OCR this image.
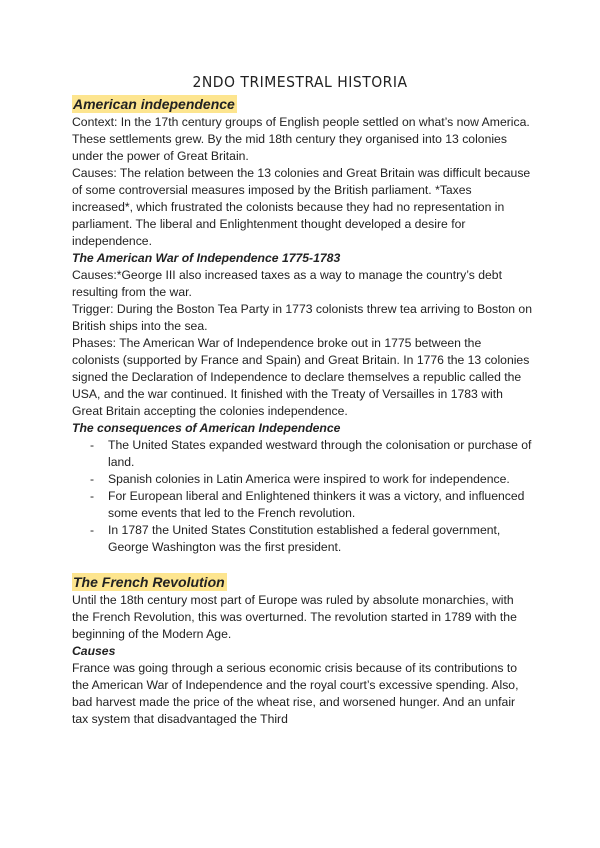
2NDO TRIMESTRAL HISTORIA
American independence

Context: In the 17th century groups of English people settled on what’s now America. These settlements grew. By the mid 18th century they organised into 13 colonies under the power of Great Britain.

Causes: The relation between the 13 colonies and Great Britain was difficult because of some controversial measures imposed by the British parliament. *Taxes increased*, which frustrated the colonists because they had no representation in parliament. The liberal and Enlightenment thought developed a desire for independence.

The American War of Independence 1775-1783

Causes:*George III also increased taxes as a way to manage the country’s debt resulting from the war.

Trigger: During the Boston Tea Party in 1773 colonists threw tea arriving to Boston on British ships into the sea.

Phases: The American War of Independence broke out in 1775 between the colonists (supported by France and Spain) and Great Britain. In 1776 the 13 colonies signed the Declaration of Independence to declare themselves a republic called the USA, and the war continued. It finished with the Treaty of Versailles in 1783 with Great Britain accepting the colonies independence.

The consequences of American Independence

- The United States expanded westward through the colonisation or purchase of land.
- Spanish colonies in Latin America were inspired to work for independence.
- For European liberal and Enlightened thinkers it was a victory, and influenced some events that led to the French revolution.
- In 1787 the United States Constitution established a federal government, George Washington was the first president.
The French Revolution

Until the 18th century most part of Europe was ruled by absolute monarchies, with the French Revolution, this was overturned. The revolution started in 1789 with the beginning of the Modern Age.

Causes

France was going through a serious economic crisis because of its contributions to the American War of Independence and the royal court’s excessive spending. Also, bad harvest made the price of the wheat rise, and worsened hunger. And an unfair tax system that disadvantaged the Third
